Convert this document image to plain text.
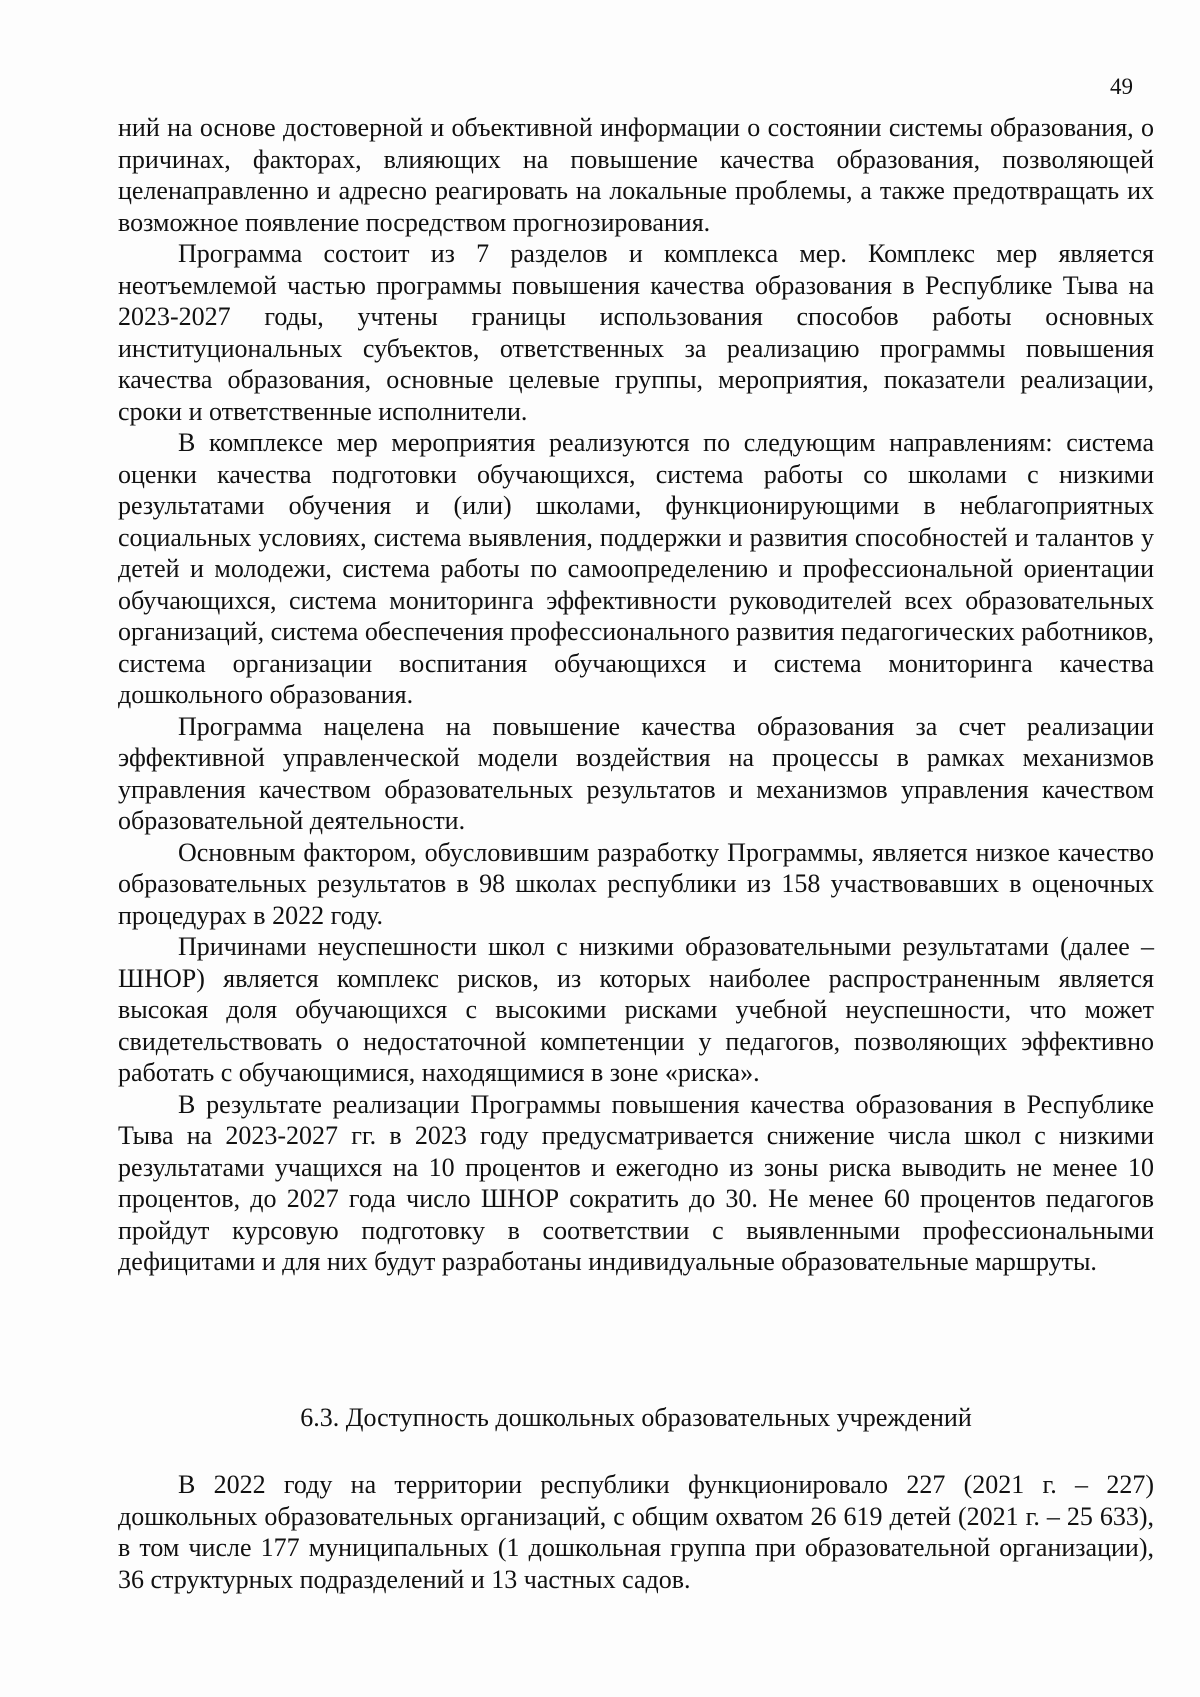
49

ний на основе достоверной и объективной информации о состоянии системы образования, о причинах, факторах, влияющих на повышение качества образования, позволяющей целенаправленно и адресно реагировать на локальные проблемы, а также предотвращать их возможное появление посредством прогнозирования.

Программа состоит из 7 разделов и комплекса мер. Комплекс мер является неотъемлемой частью программы повышения качества образования в Республике Тыва на 2023-2027 годы, учтены границы использования способов работы основных институциональных субъектов, ответственных за реализацию программы повышения качества образования, основные целевые группы, мероприятия, показатели реализации, сроки и ответственные исполнители.

В комплексе мер мероприятия реализуются по следующим направлениям: система оценки качества подготовки обучающихся, система работы со школами с низкими результатами обучения и (или) школами, функционирующими в неблагоприятных социальных условиях, система выявления, поддержки и развития способностей и талантов у детей и молодежи, система работы по самоопределению и профессиональной ориентации обучающихся, система мониторинга эффективности руководителей всех образовательных организаций, система обеспечения профессионального развития педагогических работников, система организации воспитания обучающихся и система мониторинга качества дошкольного образования.

Программа нацелена на повышение качества образования за счет реализации эффективной управленческой модели воздействия на процессы в рамках механизмов управления качеством образовательных результатов и механизмов управления качеством образовательной деятельности.

Основным фактором, обусловившим разработку Программы, является низкое качество образовательных результатов в 98 школах республики из 158 участвовавших в оценочных процедурах в 2022 году.

Причинами неуспешности школ с низкими образовательными результатами (далее – ШНОР) является комплекс рисков, из которых наиболее распространенным является высокая доля обучающихся с высокими рисками учебной неуспешности, что может свидетельствовать о недостаточной компетенции у педагогов, позволяющих эффективно работать с обучающимися, находящимися в зоне «риска».

В результате реализации Программы повышения качества образования в Республике Тыва на 2023-2027 гг. в 2023 году предусматривается снижение числа школ с низкими результатами учащихся на 10 процентов и ежегодно из зоны риска выводить не менее 10 процентов, до 2027 года число ШНОР сократить до 30. Не менее 60 процентов педагогов пройдут курсовую подготовку в соответствии с выявленными профессиональными дефицитами и для них будут разработаны индивидуальные образовательные маршруты.

6.3. Доступность дошкольных образовательных учреждений

В 2022 году на территории республики функционировало 227 (2021 г. – 227) дошкольных образовательных организаций, с общим охватом 26 619 детей (2021 г. – 25 633), в том числе 177 муниципальных (1 дошкольная группа при образовательной организации), 36 структурных подразделений и 13 частных садов.
